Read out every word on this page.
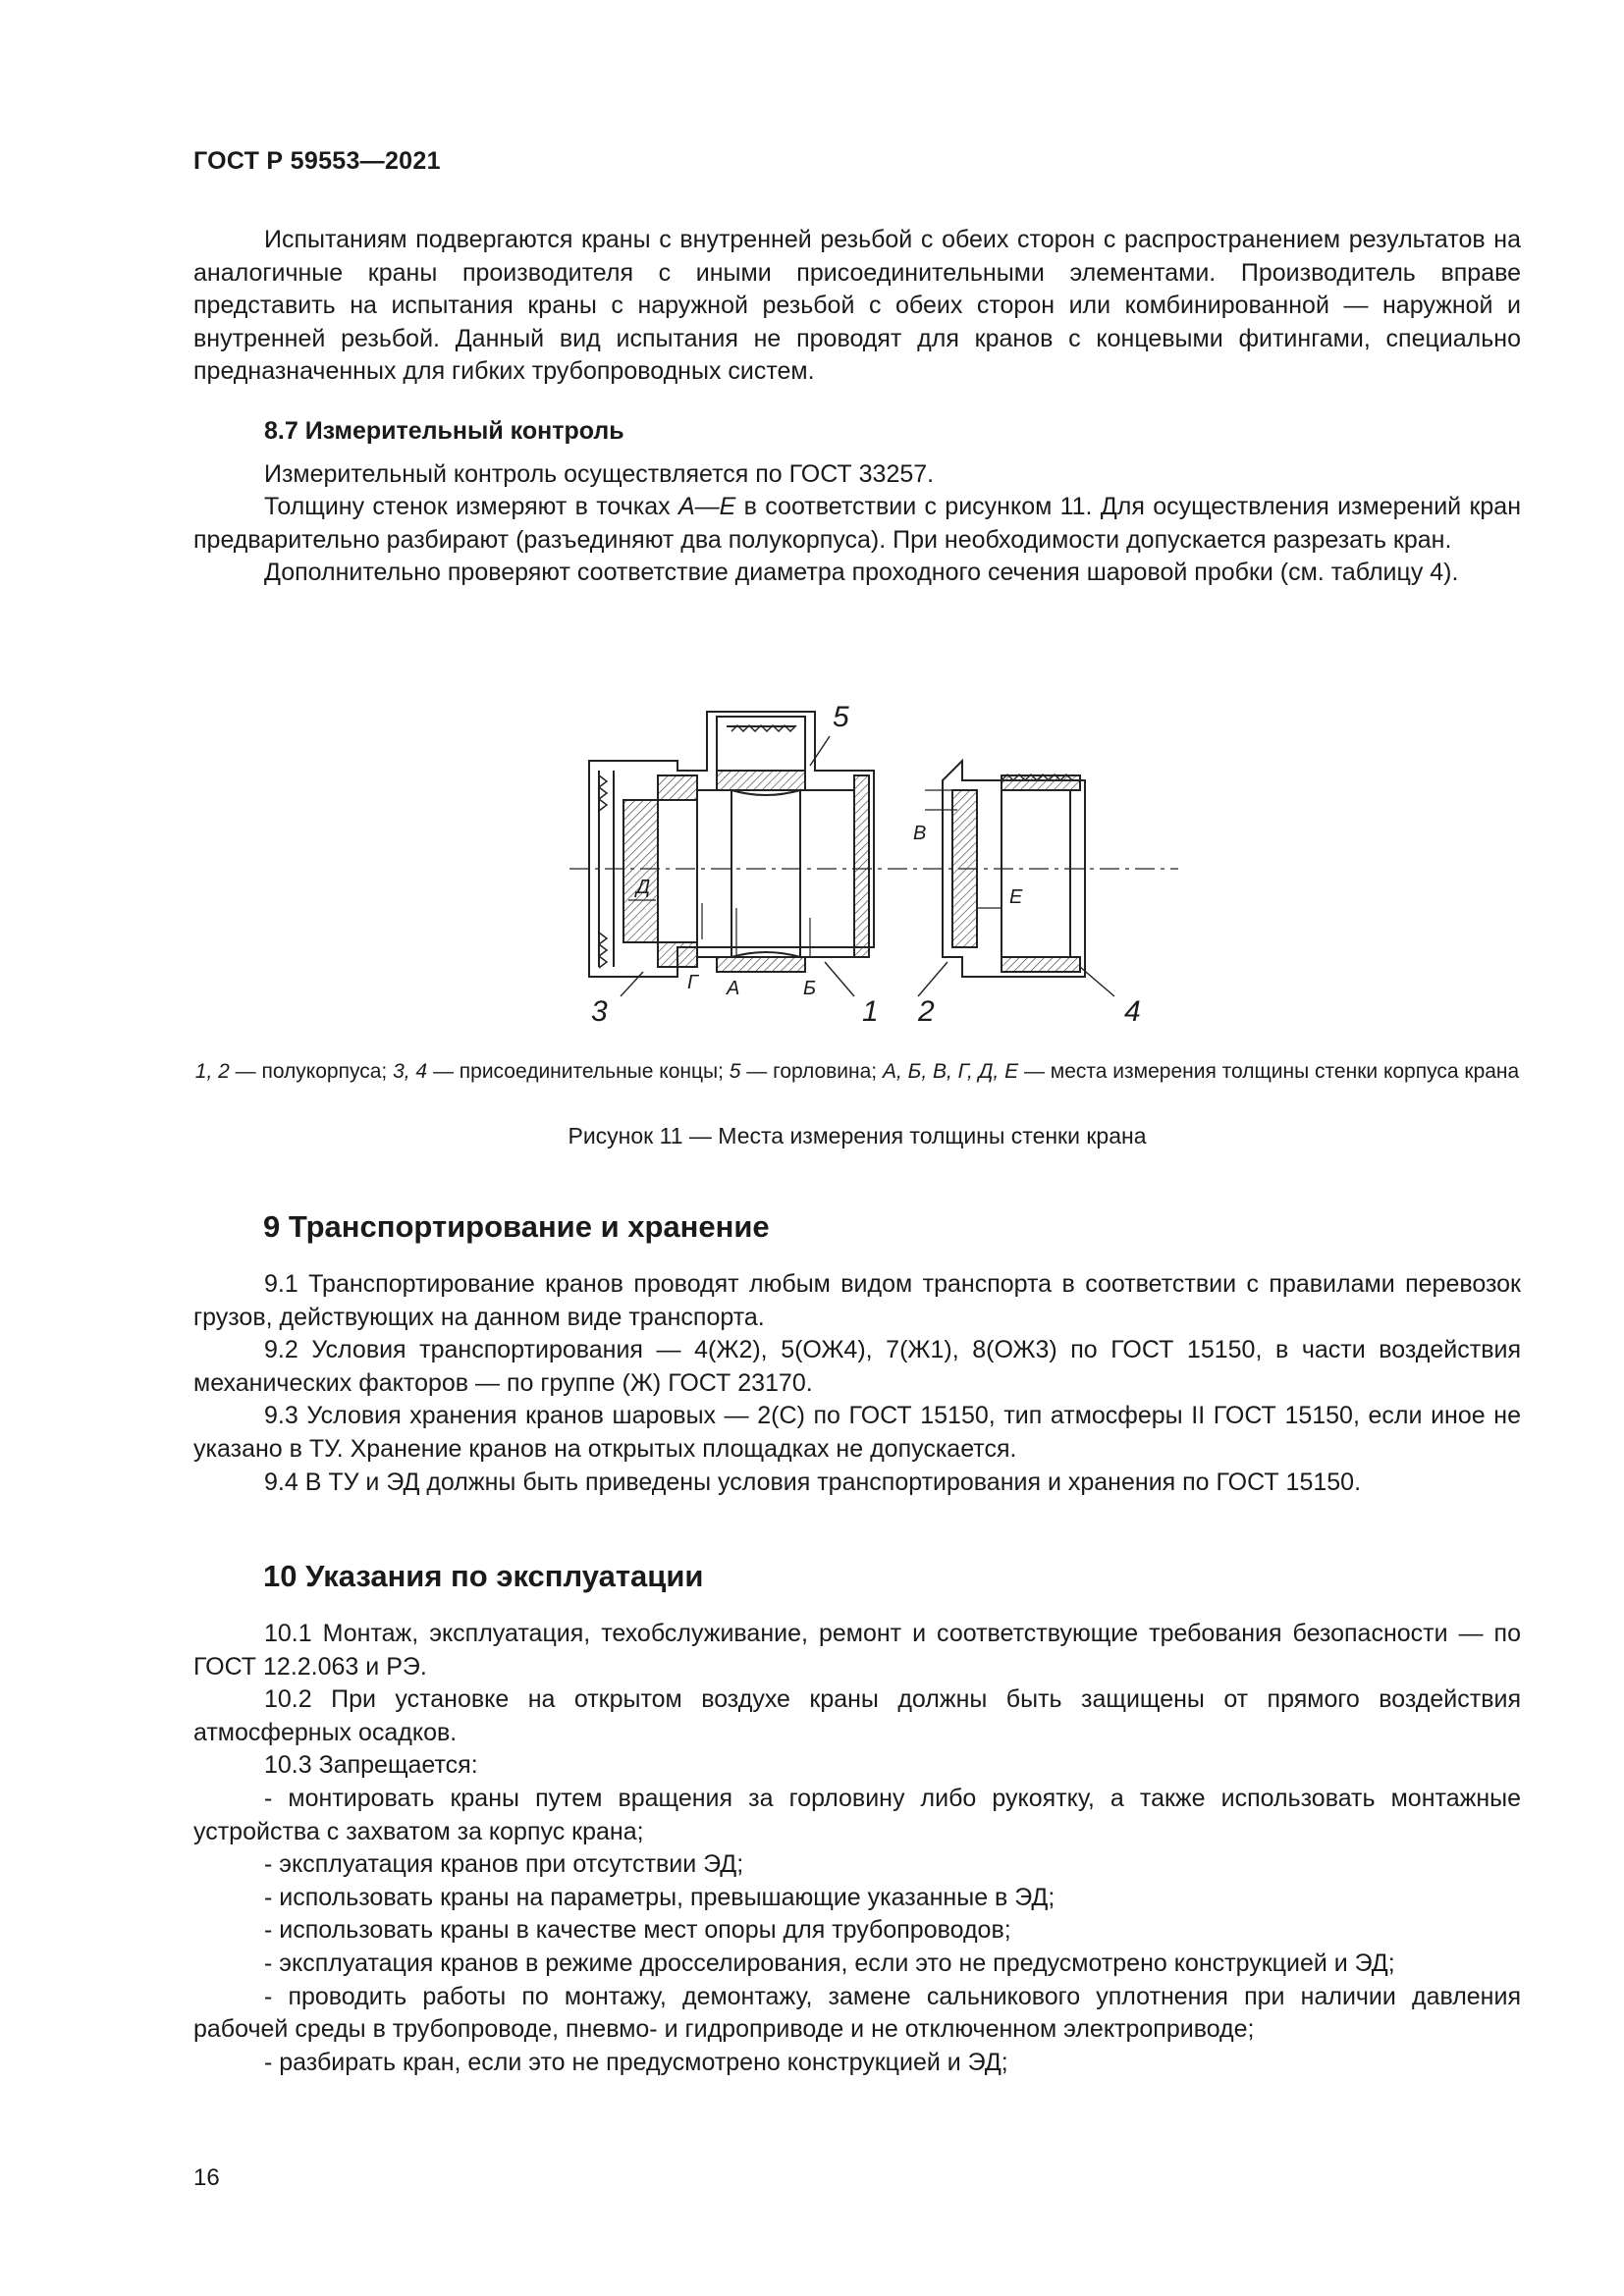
ГОСТ Р 59553—2021

Испытаниям подвергаются краны с внутренней резьбой с обеих сторон с распространением результатов на аналогичные краны производителя с иными присоединительными элементами. Производитель вправе представить на испытания краны с наружной резьбой с обеих сторон или комбинированной — наружной и внутренней резьбой. Данный вид испытания не проводят для кранов с концевыми фитингами, специально предназначенных для гибких трубопроводных систем.

8.7 Измерительный контроль

Измерительный контроль осуществляется по ГОСТ 33257.

Толщину стенок измеряют в точках А—Е в соответствии с рисунком 11. Для осуществления измерений кран предварительно разбирают (разъединяют два полукорпуса). При необходимости допускается разрезать кран.

Дополнительно проверяют соответствие диаметра проходного сечения шаровой пробки (см. таблицу 4).

3	1
5
2	4
Д
Г А	Б
В
Е
1, 2 — полукорпуса; 3, 4 — присоединительные концы; 5 — горловина; А, Б, В, Г, Д, Е — места измерения толщины стенки корпуса крана
Рисунок 11 — Места измерения толщины стенки крана
9 Транспортирование и хранение

9.1 Транспортирование кранов проводят любым видом транспорта в соответствии с правилами перевозок грузов, действующих на данном виде транспорта.

9.2 Условия транспортирования — 4(Ж2), 5(ОЖ4), 7(Ж1), 8(ОЖ3) по ГОСТ 15150, в части воздействия механических факторов — по группе (Ж) ГОСТ 23170.

9.3 Условия хранения кранов шаровых — 2(С) по ГОСТ 15150, тип атмосферы II ГОСТ 15150, если иное не указано в ТУ. Хранение кранов на открытых площадках не допускается.

9.4 В ТУ и ЭД должны быть приведены условия транспортирования и хранения по ГОСТ 15150.

10 Указания по эксплуатации

10.1 Монтаж, эксплуатация, техобслуживание, ремонт и соответствующие требования безопасности — по ГОСТ 12.2.063 и РЭ.

10.2 При установке на открытом воздухе краны должны быть защищены от прямого воздействия атмосферных осадков.

10.3 Запрещается:

- монтировать краны путем вращения за горловину либо рукоятку, а также использовать монтажные устройства с захватом за корпус крана;

- эксплуатация кранов при отсутствии ЭД;

- использовать краны на параметры, превышающие указанные в ЭД;

- использовать краны в качестве мест опоры для трубопроводов;

- эксплуатация кранов в режиме дросселирования, если это не предусмотрено конструкцией и ЭД;

- проводить работы по монтажу, демонтажу, замене сальникового уплотнения при наличии давления рабочей среды в трубопроводе, пневмо- и гидроприводе и не отключенном электроприводе;

- разбирать кран, если это не предусмотрено конструкцией и ЭД;

16
